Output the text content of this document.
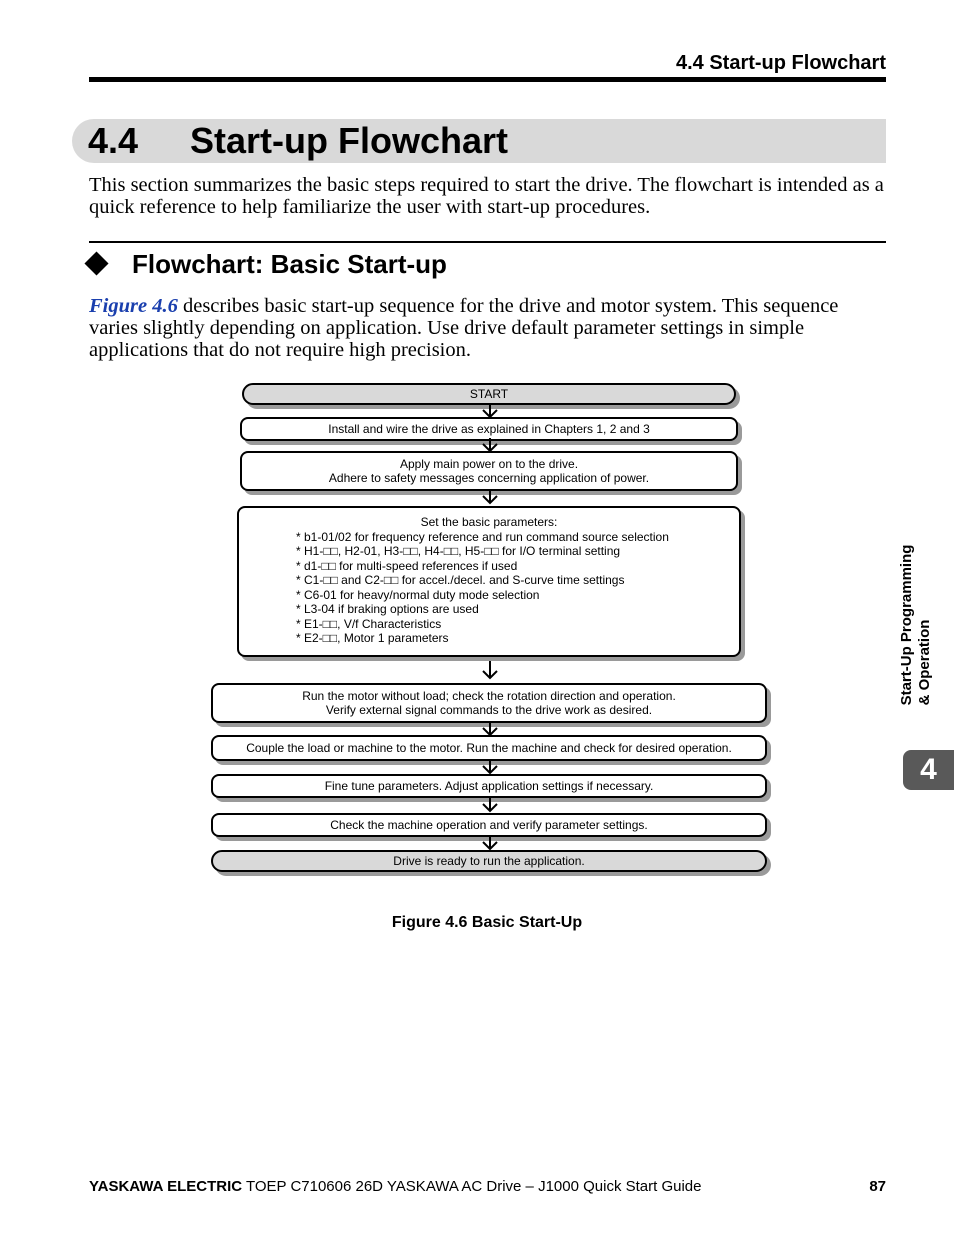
4.4 Start-up Flowchart
4.4 Start-up Flowchart
This section summarizes the basic steps required to start the drive. The flowchart is intended as a quick reference to help familiarize the user with start-up procedures.
Flowchart: Basic Start-up
Figure 4.6 describes basic start-up sequence for the drive and motor system. This sequence varies slightly depending on application. Use drive default parameter settings in simple applications that do not require high precision.
START
Install and wire the drive as explained in Chapters 1, 2 and 3
Apply main power on to the drive.
Adhere to safety messages concerning application of power.
Set the basic parameters:
* b1-01/02 for frequency reference and run command source selection
* H1-□□, H2-01, H3-□□, H4-□□, H5-□□ for I/O terminal setting
* d1-□□ for multi-speed references if used
* C1-□□ and C2-□□ for accel./decel. and S-curve time settings
* C6-01 for heavy/normal duty mode selection
* L3-04 if braking options are used
* E1-□□, V/f Characteristics
* E2-□□, Motor 1 parameters
Run the motor without load; check the rotation direction and operation.
Verify external signal commands to the drive work as desired.
Couple the load or machine to the motor. Run the machine and check for desired operation.
Fine tune parameters. Adjust application settings if necessary.
Check the machine operation and verify parameter settings.
Drive is ready to run the application.
Figure 4.6 Basic Start-Up
Start-Up Programming & Operation
4
YASKAWA ELECTRIC TOEP C710606 26D YASKAWA AC Drive – J1000 Quick Start Guide	87
